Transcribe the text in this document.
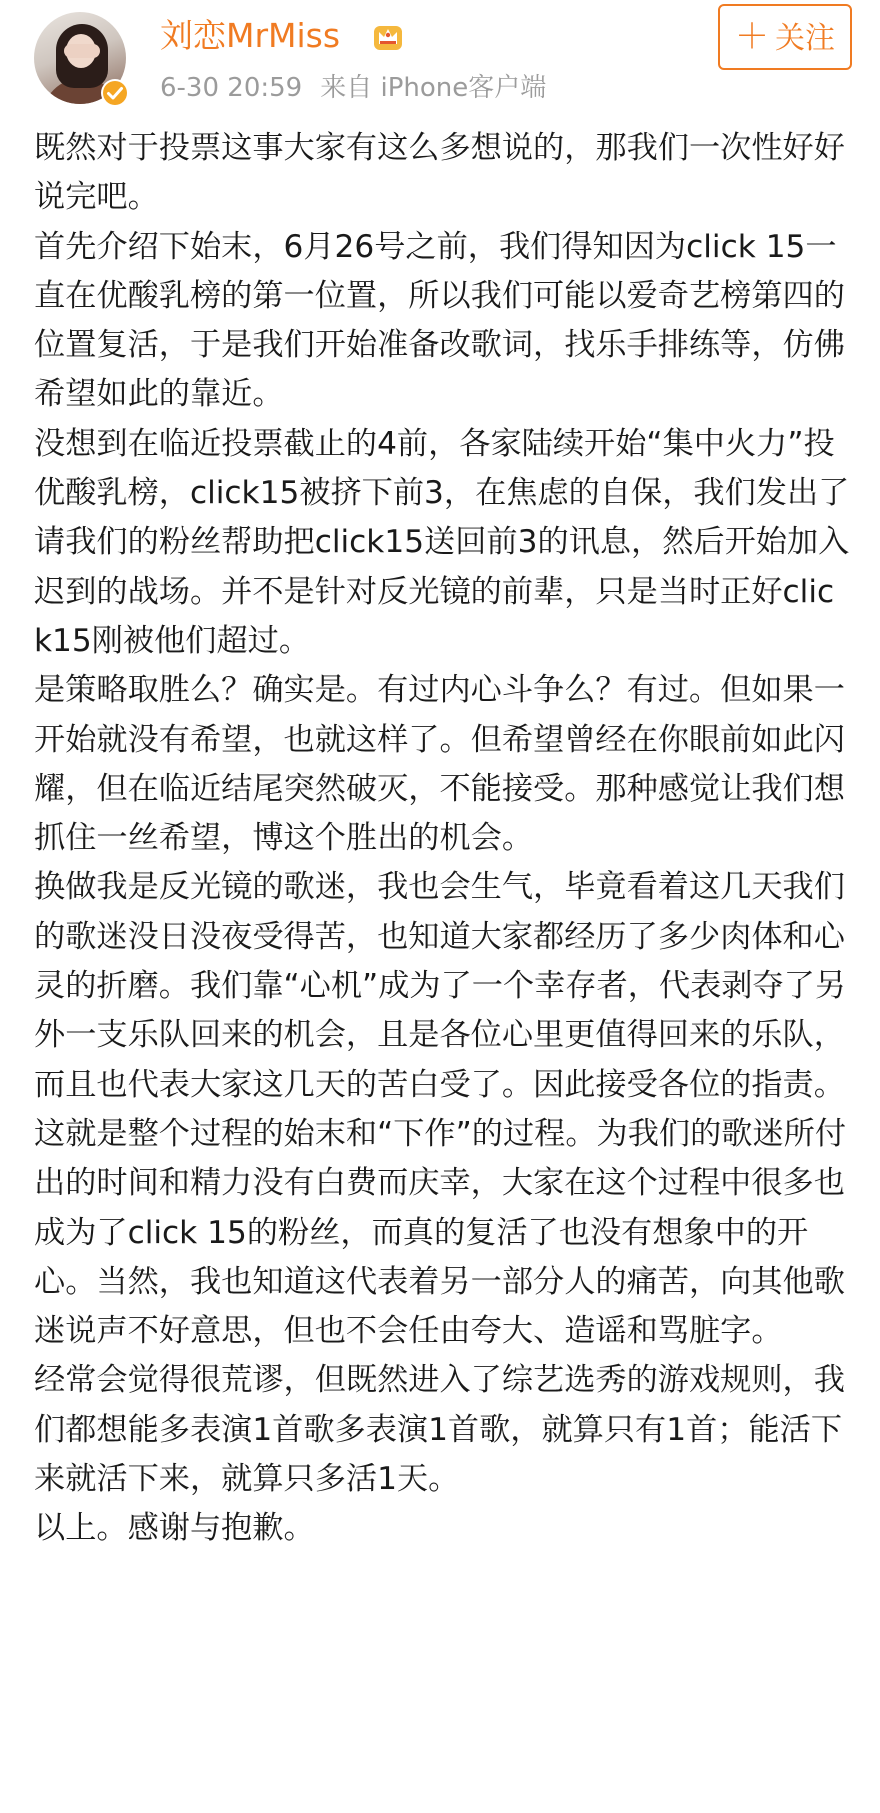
刘恋MrMiss
6-30 20:59 来自 iPhone客户端
＋ 关注

既然对于投票这事大家有这么多想说的，那我们一次性好好说完吧。

首先介绍下始末，6月26号之前，我们得知因为click 15一直在优酸乳榜的第一位置，所以我们可能以爱奇艺榜第四的位置复活，于是我们开始准备改歌词，找乐手排练等，仿佛希望如此的靠近。

没想到在临近投票截止的4前，各家陆续开始“集中火力”投优酸乳榜，click15被挤下前3，在焦虑的自保，我们发出了请我们的粉丝帮助把click15送回前3的讯息，然后开始加入迟到的战场。并不是针对反光镜的前辈，只是当时正好click15刚被他们超过。

是策略取胜么？确实是。有过内心斗争么？有过。但如果一开始就没有希望，也就这样了。但希望曾经在你眼前如此闪耀，但在临近结尾突然破灭，不能接受。那种感觉让我们想抓住一丝希望，博这个胜出的机会。

换做我是反光镜的歌迷，我也会生气，毕竟看着这几天我们的歌迷没日没夜受得苦，也知道大家都经历了多少肉体和心灵的折磨。我们靠“心机”成为了一个幸存者，代表剥夺了另外一支乐队回来的机会，且是各位心里更值得回来的乐队，而且也代表大家这几天的苦白受了。因此接受各位的指责。

这就是整个过程的始末和“下作”的过程。为我们的歌迷所付出的时间和精力没有白费而庆幸，大家在这个过程中很多也成为了click 15的粉丝，而真的复活了也没有想象中的开心。当然，我也知道这代表着另一部分人的痛苦，向其他歌迷说声不好意思，但也不会任由夸大、造谣和骂脏字。

经常会觉得很荒谬，但既然进入了综艺选秀的游戏规则，我们都想能多表演1首歌多表演1首歌，就算只有1首；能活下来就活下来，就算只多活1天。

以上。感谢与抱歉。
